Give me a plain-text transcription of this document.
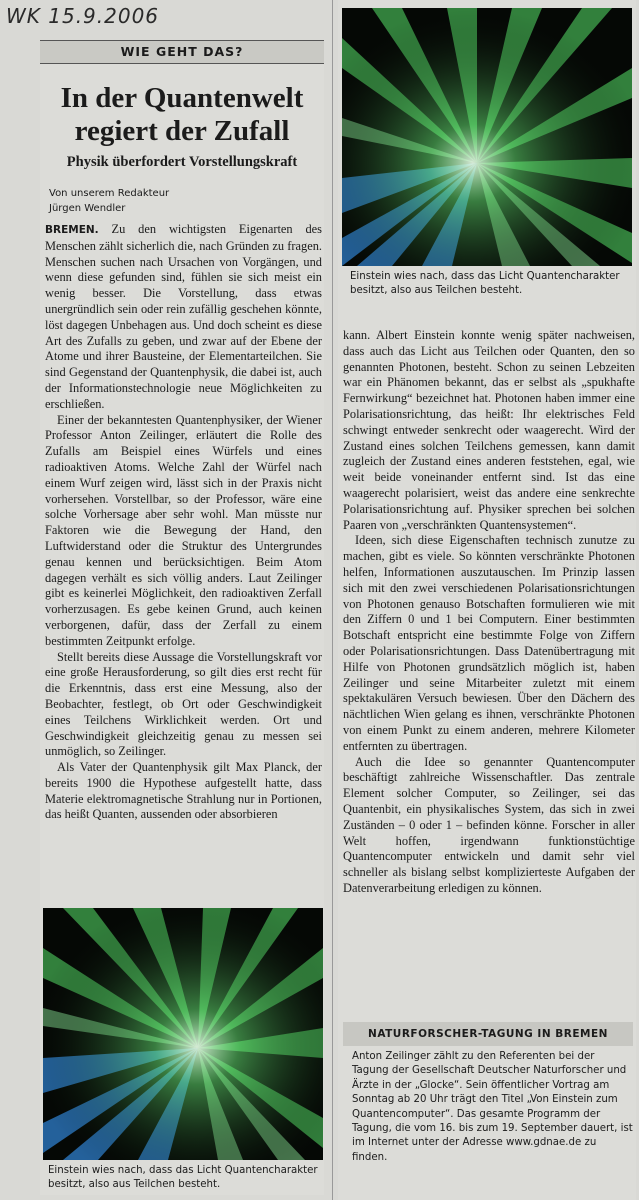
WK 15.9.2006
WIE GEHT DAS?
In der Quantenwelt
regiert der Zufall
Physik überfordert Vorstellungskraft
Von unserem Redakteur
Jürgen Wendler

BREMEN. Zu den wichtigsten Eigenarten des Menschen zählt sicherlich die, nach Gründen zu fragen. Menschen suchen nach Ursachen von Vorgängen, und wenn diese gefunden sind, fühlen sie sich meist ein wenig besser. Die Vorstellung, dass etwas unergründlich sein oder rein zufällig geschehen könnte, löst dagegen Unbehagen aus. Und doch scheint es diese Art des Zufalls zu geben, und zwar auf der Ebene der Atome und ihrer Bausteine, der Elementarteilchen. Sie sind Gegenstand der Quantenphysik, die dabei ist, auch der Informationstechnologie neue Möglichkeiten zu erschließen.

Einer der bekanntesten Quantenphysiker, der Wiener Professor Anton Zeilinger, erläutert die Rolle des Zufalls am Beispiel eines Würfels und eines radioaktiven Atoms. Welche Zahl der Würfel nach einem Wurf zeigen wird, lässt sich in der Praxis nicht vorhersehen. Vorstellbar, so der Professor, wäre eine solche Vorhersage aber sehr wohl. Man müsste nur Faktoren wie die Bewegung der Hand, den Luftwiderstand oder die Struktur des Untergrundes genau kennen und berücksichtigen. Beim Atom dagegen verhält es sich völlig anders. Laut Zeilinger gibt es keinerlei Möglichkeit, den radioaktiven Zerfall vorherzusagen. Es gebe keinen Grund, auch keinen verborgenen, dafür, dass der Zerfall zu einem bestimmten Zeitpunkt erfolge.

Stellt bereits diese Aussage die Vorstellungskraft vor eine große Herausforderung, so gilt dies erst recht für die Erkenntnis, dass erst eine Messung, also der Beobachter, festlegt, ob Ort oder Geschwindigkeit eines Teilchens Wirklichkeit werden. Ort und Geschwindigkeit gleichzeitig genau zu messen sei unmöglich, so Zeilinger.

Als Vater der Quantenphysik gilt Max Planck, der bereits 1900 die Hypothese aufgestellt hatte, dass Materie elektromagnetische Strahlung nur in Portionen, das heißt Quanten, aussenden oder absorbieren

Einstein wies nach, dass das Licht Quantencharakter besitzt, also aus Teilchen besteht.
Einstein wies nach, dass das Licht Quantencharakter besitzt, also aus Teilchen besteht.

kann. Albert Einstein konnte wenig später nachweisen, dass auch das Licht aus Teilchen oder Quanten, den so genannten Photonen, besteht. Schon zu seinen Lebzeiten war ein Phänomen bekannt, das er selbst als „spukhafte Fernwirkung“ bezeichnet hat. Photonen haben immer eine Polarisationsrichtung, das heißt: Ihr elektrisches Feld schwingt entweder senkrecht oder waagerecht. Wird der Zustand eines solchen Teilchens gemessen, kann damit zugleich der Zustand eines anderen feststehen, egal, wie weit beide voneinander entfernt sind. Ist das eine waagerecht polarisiert, weist das andere eine senkrechte Polarisationsrichtung auf. Physiker sprechen bei solchen Paaren von „verschränkten Quantensystemen“.

Ideen, sich diese Eigenschaften technisch zunutze zu machen, gibt es viele. So könnten verschränkte Photonen helfen, Informationen auszutauschen. Im Prinzip lassen sich mit den zwei verschiedenen Polarisationsrichtungen von Photonen genauso Botschaften formulieren wie mit den Ziffern 0 und 1 bei Computern. Einer bestimmten Botschaft entspricht eine bestimmte Folge von Ziffern oder Polarisationsrichtungen. Dass Datenübertragung mit Hilfe von Photonen grundsätzlich möglich ist, haben Zeilinger und seine Mitarbeiter zuletzt mit einem spektakulären Versuch bewiesen. Über den Dächern des nächtlichen Wien gelang es ihnen, verschränkte Photonen von einem Punkt zu einem anderen, mehrere Kilometer entfernten zu übertragen.

Auch die Idee so genannter Quantencomputer beschäftigt zahlreiche Wissenschaftler. Das zentrale Element solcher Computer, so Zeilinger, sei das Quantenbit, ein physikalisches System, das sich in zwei Zuständen – 0 oder 1 – befinden könne. Forscher in aller Welt hoffen, irgendwann funktionstüchtige Quantencomputer entwickeln und damit sehr viel schneller als bislang selbst komplizierteste Aufgaben der Datenverarbeitung erledigen zu können.

NATURFORSCHER-TAGUNG IN BREMEN
Anton Zeilinger zählt zu den Referenten bei der Tagung der Gesellschaft Deutscher Naturforscher und Ärzte in der „Glocke“. Sein öffentlicher Vortrag am Sonntag ab 20 Uhr trägt den Titel „Von Einstein zum Quantencomputer“. Das gesamte Programm der Tagung, die vom 16. bis zum 19. September dauert, ist im Internet unter der Adresse www.gdnae.de zu finden.
